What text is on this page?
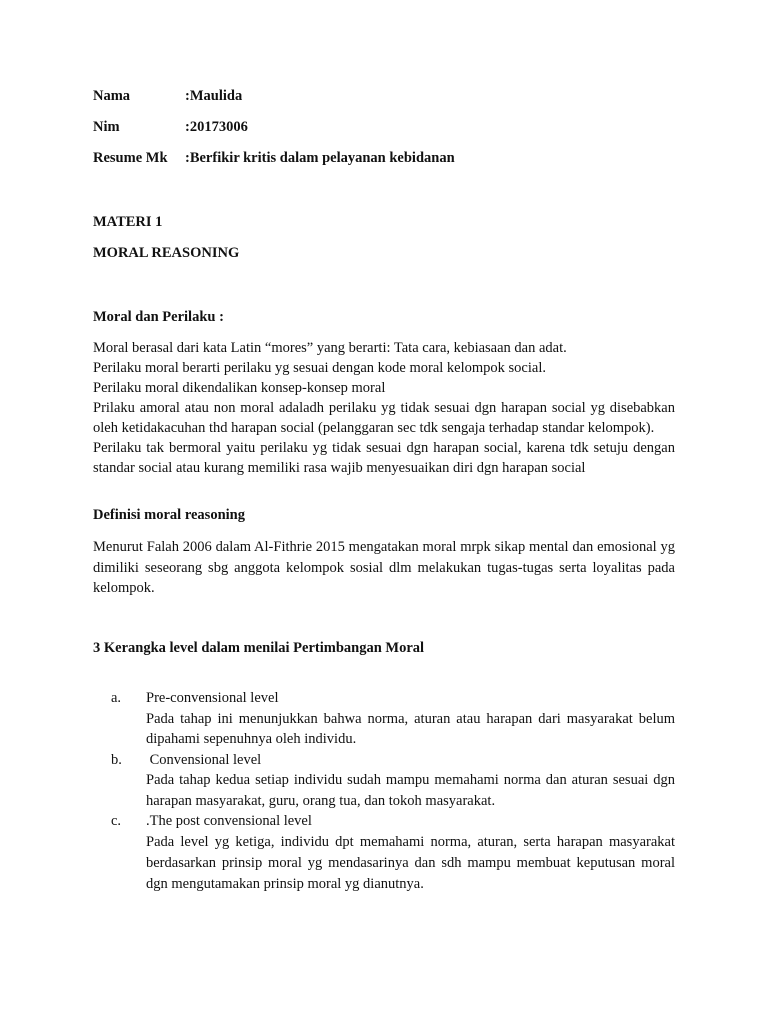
Nama	:Maulida
Nim	:20173006
Resume Mk :Berfikir kritis dalam pelayanan kebidanan
MATERI 1
MORAL REASONING
Moral dan Perilaku :
Moral berasal dari kata Latin “mores” yang berarti: Tata cara, kebiasaan dan adat.
Perilaku moral berarti perilaku yg sesuai dengan kode moral kelompok social.
Perilaku moral dikendalikan konsep-konsep moral
Prilaku amoral atau non moral adaladh perilaku yg tidak sesuai dgn harapan social yg disebabkan oleh ketidakacuhan thd harapan social (pelanggaran sec tdk sengaja terhadap standar kelompok).
Perilaku tak bermoral yaitu perilaku yg tidak sesuai dgn harapan social, karena tdk setuju dengan standar social atau kurang memiliki rasa wajib menyesuaikan diri dgn harapan social
Definisi moral reasoning
Menurut Falah 2006 dalam Al-Fithrie 2015 mengatakan moral mrpk sikap mental dan emosional yg dimiliki seseorang sbg anggota kelompok sosial dlm melakukan tugas-tugas serta loyalitas pada kelompok.
3 Kerangka level dalam menilai Pertimbangan Moral
a. Pre-convensional level
Pada tahap ini menunjukkan bahwa norma, aturan atau harapan dari masyarakat belum dipahami sepenuhnya oleh individu.
b. Convensional level
Pada tahap kedua setiap individu sudah mampu memahami norma dan aturan sesuai dgn harapan masyarakat, guru, orang tua, dan tokoh masyarakat.
c. .The post convensional level
Pada level yg ketiga, individu dpt memahami norma, aturan, serta harapan masyarakat berdasarkan prinsip moral yg mendasarinya dan sdh mampu membuat keputusan moral dgn mengutamakan prinsip moral yg dianutnya.
